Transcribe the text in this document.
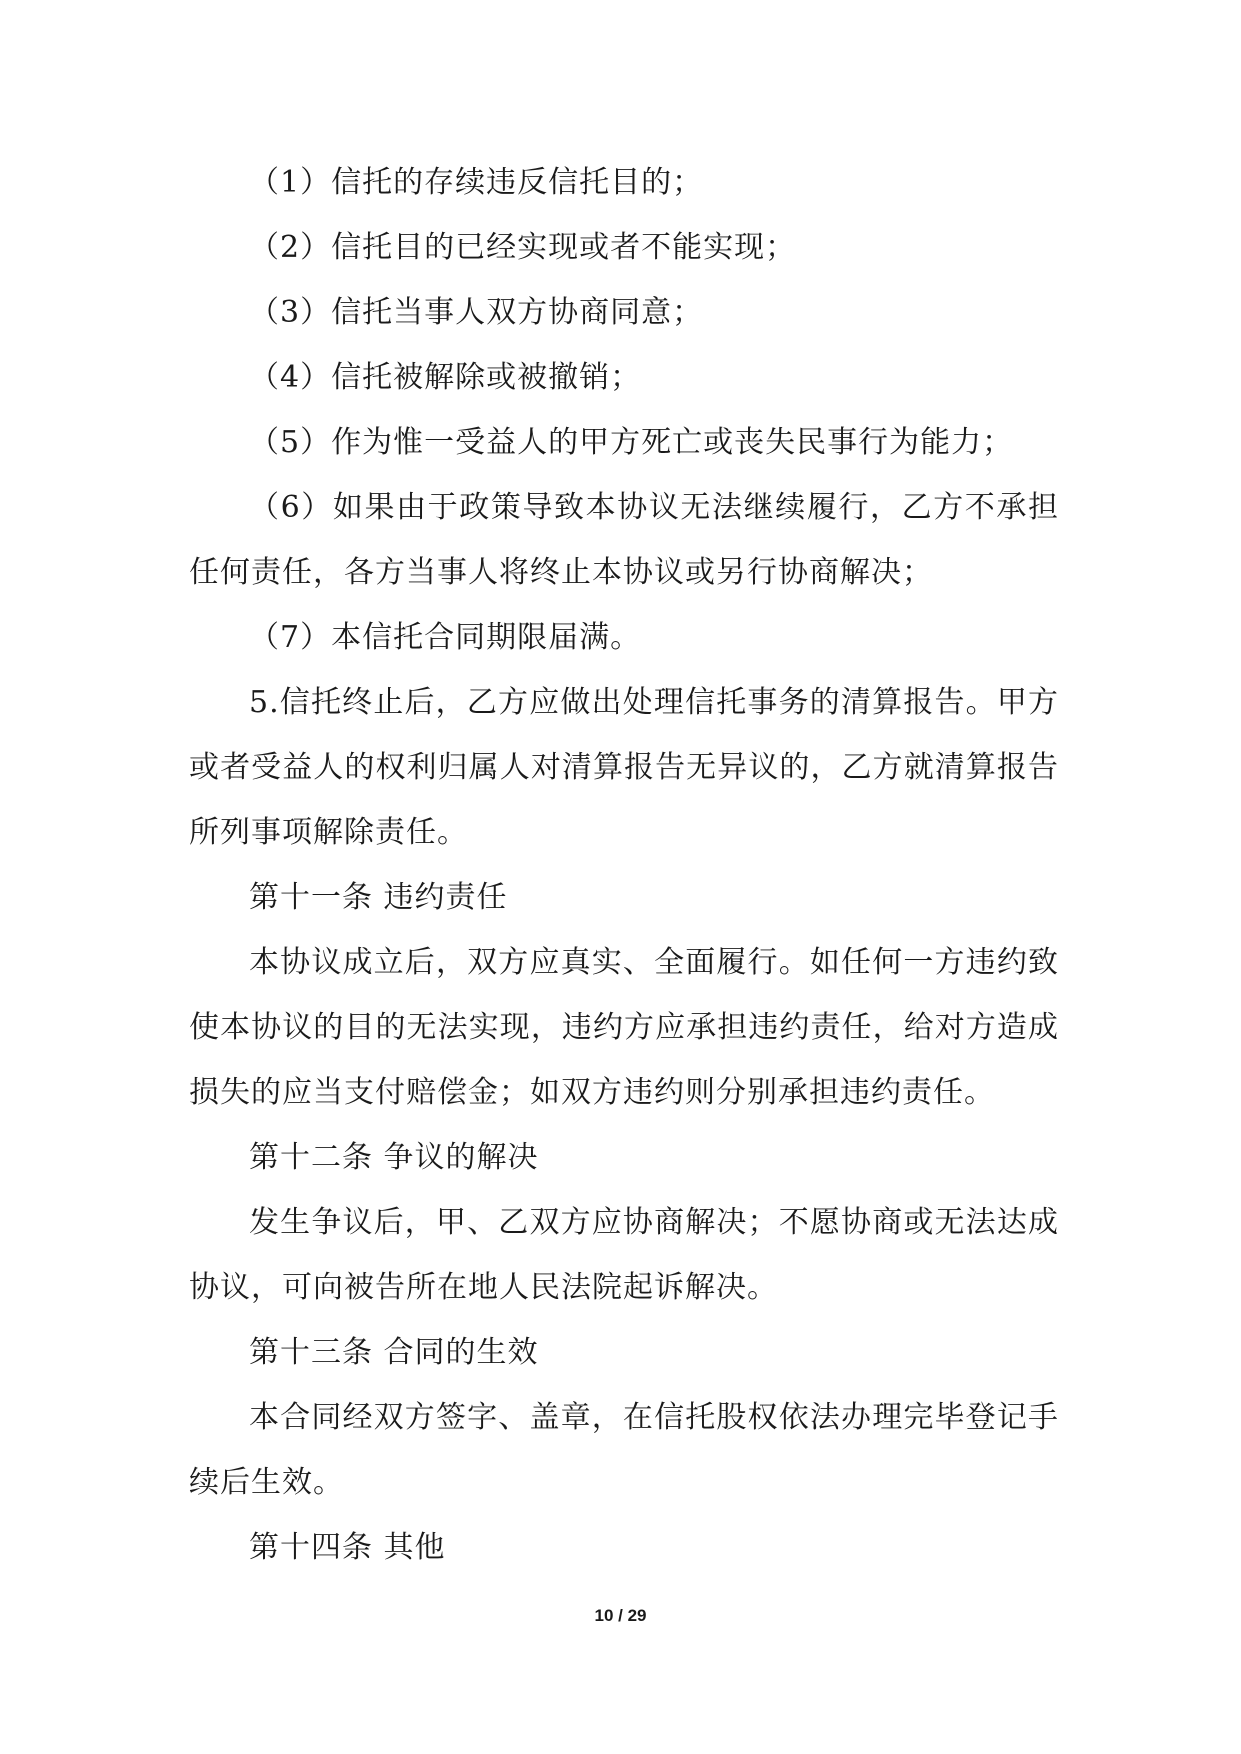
（1）信托的存续违反信托目的；

（2）信托目的已经实现或者不能实现；

（3）信托当事人双方协商同意；

（4）信托被解除或被撤销；

（5）作为惟一受益人的甲方死亡或丧失民事行为能力；

（6）如果由于政策导致本协议无法继续履行，乙方不承担任何责任，各方当事人将终止本协议或另行协商解决；

（7）本信托合同期限届满。

5.信托终止后，乙方应做出处理信托事务的清算报告。甲方或者受益人的权利归属人对清算报告无异议的，乙方就清算报告所列事项解除责任。

第十一条 违约责任

本协议成立后，双方应真实、全面履行。如任何一方违约致使本协议的目的无法实现，违约方应承担违约责任，给对方造成损失的应当支付赔偿金；如双方违约则分别承担违约责任。

第十二条 争议的解决

发生争议后，甲、乙双方应协商解决；不愿协商或无法达成协议，可向被告所在地人民法院起诉解决。

第十三条 合同的生效

本合同经双方签字、盖章，在信托股权依法办理完毕登记手续后生效。

第十四条 其他

10 / 29
